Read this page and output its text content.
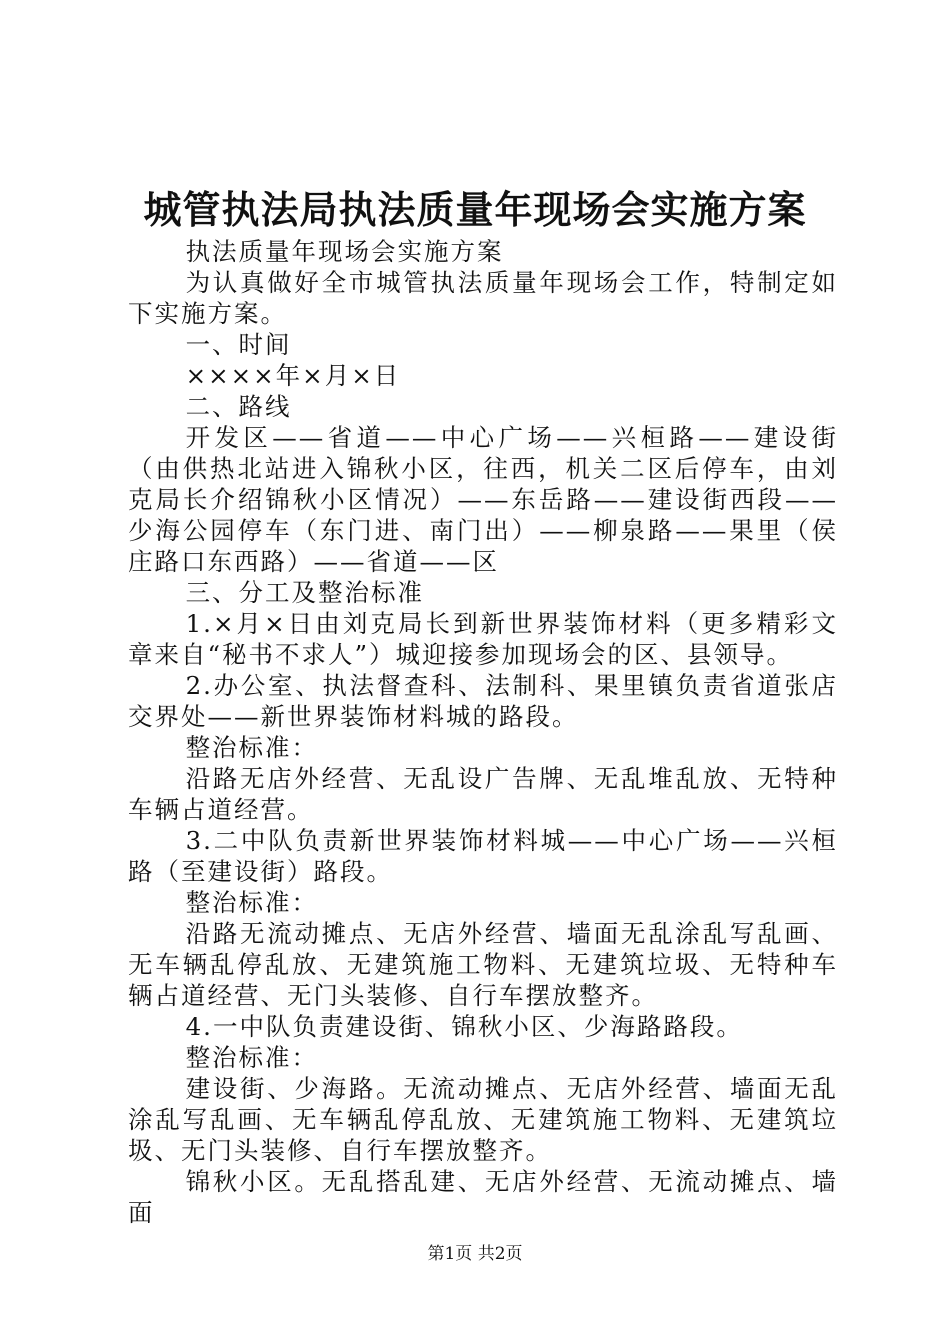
城管执法局执法质量年现场会实施方案

执法质量年现场会实施方案

为认真做好全市城管执法质量年现场会工作，特制定如下实施方案。

一、时间

××××年×月×日

二、路线

开发区——省道——中心广场——兴桓路——建设街（由供热北站进入锦秋小区，往西，机关二区后停车，由刘克局长介绍锦秋小区情况）——东岳路——建设街西段——少海公园停车（东门进、南门出）——柳泉路——果里（侯庄路口东西路）——省道——区

三、分工及整治标准

1.×月×日由刘克局长到新世界装饰材料（更多精彩文章来自“秘书不求人”）城迎接参加现场会的区、县领导。

2.办公室、执法督查科、法制科、果里镇负责省道张店交界处——新世界装饰材料城的路段。

整治标准：

沿路无店外经营、无乱设广告牌、无乱堆乱放、无特种车辆占道经营。

3.二中队负责新世界装饰材料城——中心广场——兴桓路（至建设街）路段。

整治标准：

沿路无流动摊点、无店外经营、墙面无乱涂乱写乱画、无车辆乱停乱放、无建筑施工物料、无建筑垃圾、无特种车辆占道经营、无门头装修、自行车摆放整齐。

4.一中队负责建设街、锦秋小区、少海路路段。

整治标准：

建设街、少海路。无流动摊点、无店外经营、墙面无乱涂乱写乱画、无车辆乱停乱放、无建筑施工物料、无建筑垃圾、无门头装修、自行车摆放整齐。

锦秋小区。无乱搭乱建、无店外经营、无流动摊点、墙面

第1页 共2页
